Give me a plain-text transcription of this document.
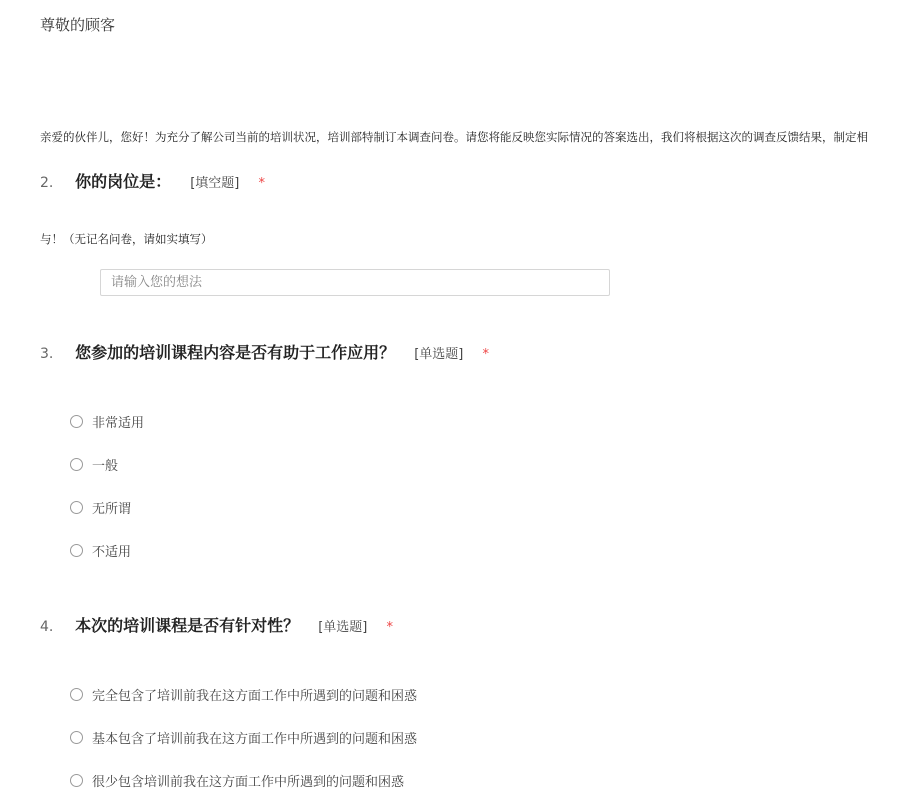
尊敬的顾客

亲爱的伙伴儿，您好！为充分了解公司当前的培训状况，培训部特制订本调查问卷。请您将能反映您实际情况的答案选出，我们将根据这次的调查反馈结果，制定相

与！（无记名问卷，请如实填写）

2. 你的岗位是： [填空题] *
请输入您的想法
3. 您参加的培训课程内容是否有助于工作应用？ [单选题] *
非常适用
一般
无所谓
不适用
4. 本次的培训课程是否有针对性？ [单选题] *
完全包含了培训前我在这方面工作中所遇到的问题和困惑
基本包含了培训前我在这方面工作中所遇到的问题和困惑
很少包含培训前我在这方面工作中所遇到的问题和困惑
